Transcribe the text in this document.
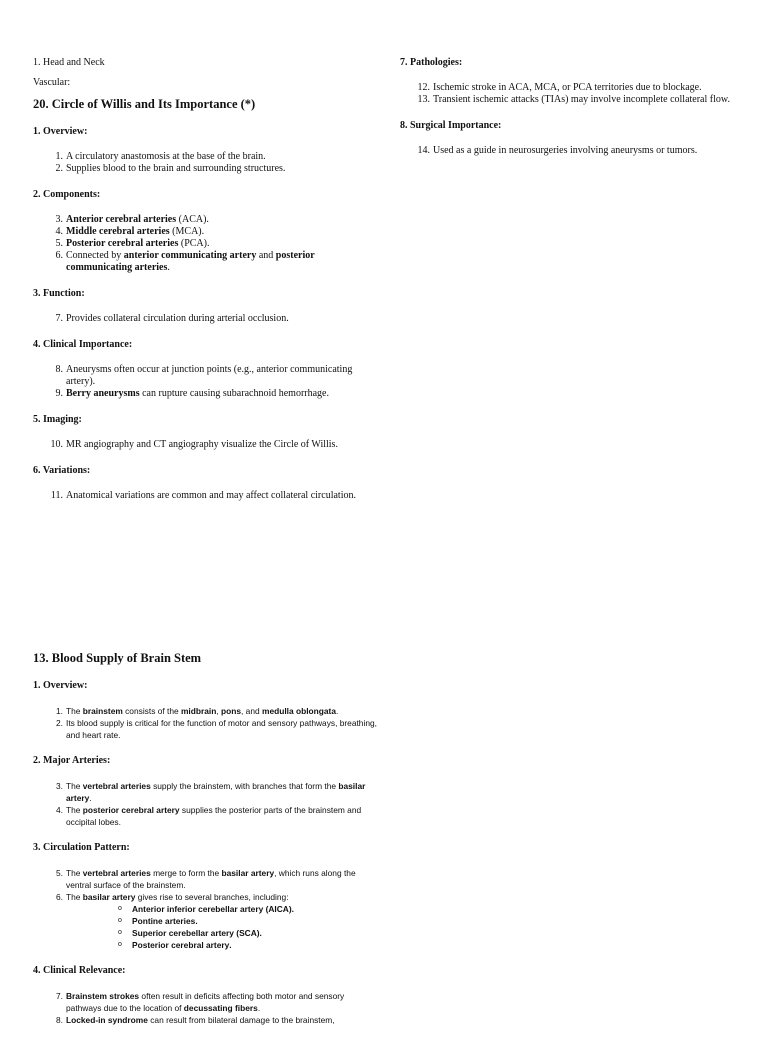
1. Head and Neck

Vascular:

20. Circle of Willis and Its Importance (*)
1. Overview:
1. A circulatory anastomosis at the base of the brain.
2. Supplies blood to the brain and surrounding structures.
2. Components:
3. Anterior cerebral arteries (ACA).
4. Middle cerebral arteries (MCA).
5. Posterior cerebral arteries (PCA).
6. Connected by anterior communicating artery and posterior communicating arteries.
3. Function:
7. Provides collateral circulation during arterial occlusion.
4. Clinical Importance:
8. Aneurysms often occur at junction points (e.g., anterior communicating artery).
9. Berry aneurysms can rupture causing subarachnoid hemorrhage.
5. Imaging:
10. MR angiography and CT angiography visualize the Circle of Willis.
6. Variations:
11. Anatomical variations are common and may affect collateral circulation.
7. Pathologies:
12. Ischemic stroke in ACA, MCA, or PCA territories due to blockage.
13. Transient ischemic attacks (TIAs) may involve incomplete collateral flow.
8. Surgical Importance:
14. Used as a guide in neurosurgeries involving aneurysms or tumors.
13. Blood Supply of Brain Stem
1. Overview:
1. The brainstem consists of the midbrain, pons, and medulla oblongata.
2. Its blood supply is critical for the function of motor and sensory pathways, breathing, and heart rate.
2. Major Arteries:
3. The vertebral arteries supply the brainstem, with branches that form the basilar artery.
4. The posterior cerebral artery supplies the posterior parts of the brainstem and occipital lobes.
3. Circulation Pattern:
5. The vertebral arteries merge to form the basilar artery, which runs along the ventral surface of the brainstem.
6. The basilar artery gives rise to several branches, including:
o Anterior inferior cerebellar artery (AICA).
o Pontine arteries.
o Superior cerebellar artery (SCA).
o Posterior cerebral artery.
4. Clinical Relevance:
7. Brainstem strokes often result in deficits affecting both motor and sensory pathways due to the location of decussating fibers.
8. Locked-in syndrome can result from bilateral damage to the brainstem,
